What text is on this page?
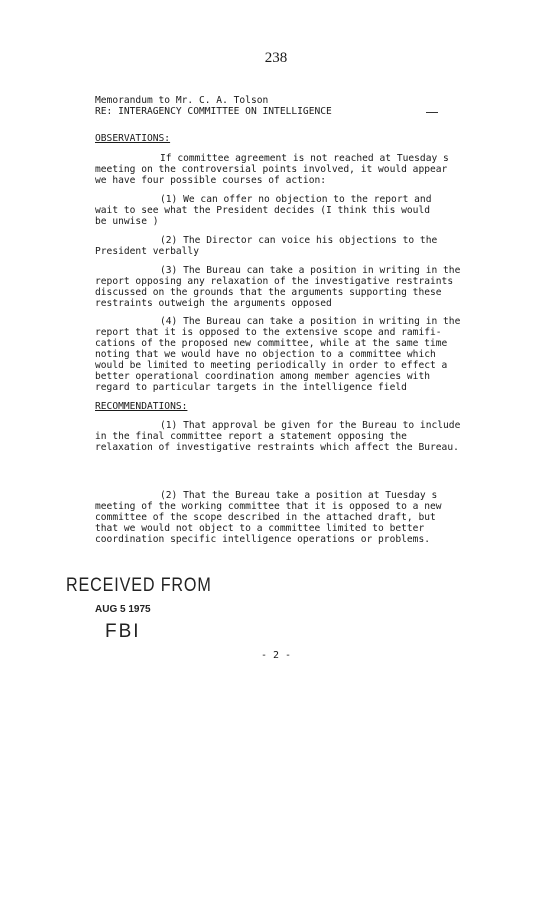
238
Memorandum to Mr. C. A. Tolson
RE: INTERAGENCY COMMITTEE ON INTELLIGENCE
OBSERVATIONS:
If committee agreement is not reached at Tuesday s
meeting on the controversial points involved, it would appear
we have four possible courses of action:
(1) We can offer no objection to the report and
wait to see what the President decides (I think this would
be unwise )
(2) The Director can voice his objections to the
President verbally
(3) The Bureau can take a position in writing in the
report opposing any relaxation of the investigative restraints
discussed on the grounds that the arguments supporting these
restraints outweigh the arguments opposed
(4) The Bureau can take a position in writing in the
report that it is opposed to the extensive scope and ramifi-
cations of the proposed new committee, while at the same time
noting that we would have no objection to a committee which
would be limited to meeting periodically in order to effect a
better operational coordination among member agencies with
regard to particular targets in the intelligence field
RECOMMENDATIONS:
(1) That approval be given for the Bureau to include
in the final committee report a statement opposing the
relaxation of investigative restraints which affect the Bureau.
(2) That the Bureau take a position at Tuesday s
meeting of the working committee that it is opposed to a new
committee of the scope described in the attached draft, but
that we would not object to a committee limited to better
coordination specific intelligence operations or problems.
RECEIVED FROM
AUG 5 1975
FBI
- 2 -
